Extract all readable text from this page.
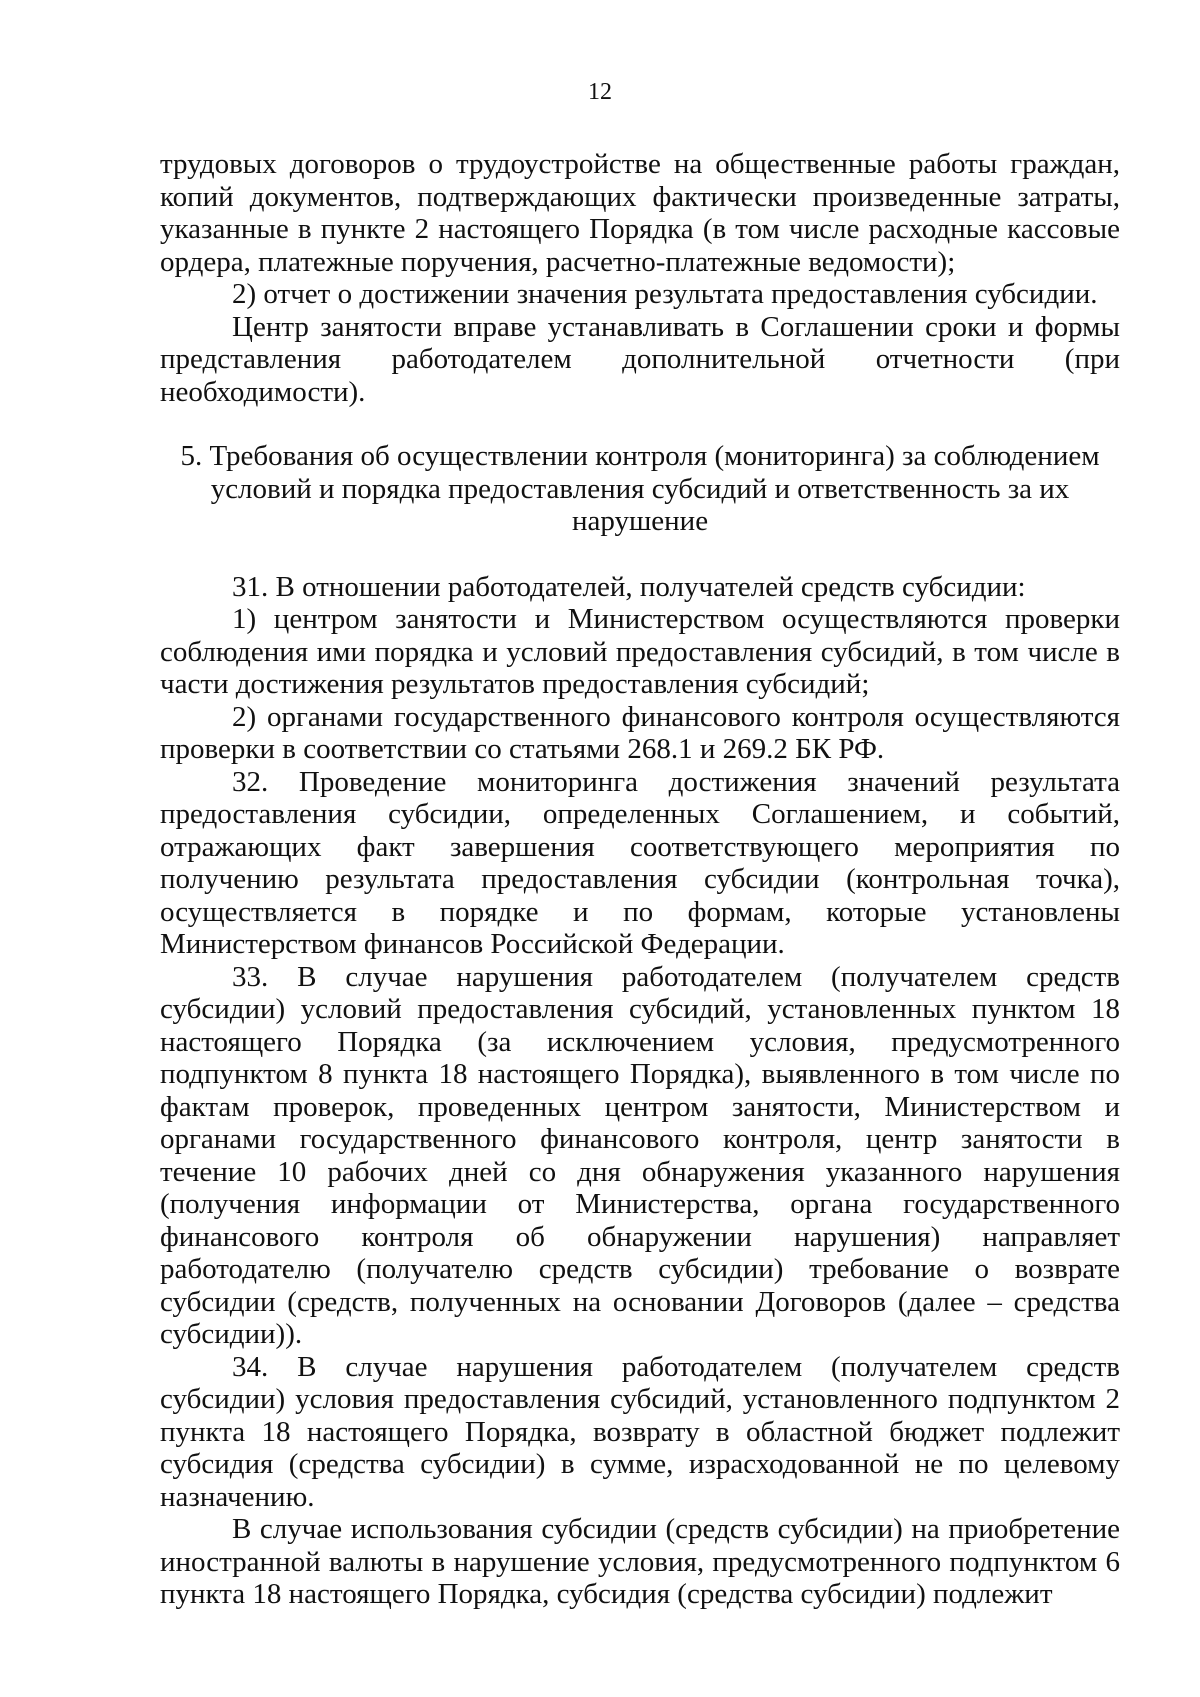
12

трудовых договоров о трудоустройстве на общественные работы граждан, копий документов, подтверждающих фактически произведенные затраты, указанные в пункте 2 настоящего Порядка (в том числе расходные кассовые ордера, платежные поручения, расчетно-платежные ведомости);

2) отчет о достижении значения результата предоставления субсидии.

Центр занятости вправе устанавливать в Соглашении сроки и формы представления работодателем дополнительной отчетности (при необходимости).

5. Требования об осуществлении контроля (мониторинга) за соблюдением условий и порядка предоставления субсидий и ответственность за их нарушение

31. В отношении работодателей, получателей средств субсидии:

1) центром занятости и Министерством осуществляются проверки соблюдения ими порядка и условий предоставления субсидий, в том числе в части достижения результатов предоставления субсидий;

2) органами государственного финансового контроля осуществляются проверки в соответствии со статьями 268.1 и 269.2 БК РФ.

32. Проведение мониторинга достижения значений результата предоставления субсидии, определенных Соглашением, и событий, отражающих факт завершения соответствующего мероприятия по получению результата предоставления субсидии (контрольная точка), осуществляется в порядке и по формам, которые установлены Министерством финансов Российской Федерации.

33. В случае нарушения работодателем (получателем средств субсидии) условий предоставления субсидий, установленных пунктом 18 настоящего Порядка (за исключением условия, предусмотренного подпунктом 8 пункта 18 настоящего Порядка), выявленного в том числе по фактам проверок, проведенных центром занятости, Министерством и органами государственного финансового контроля, центр занятости в течение 10 рабочих дней со дня обнаружения указанного нарушения (получения информации от Министерства, органа государственного финансового контроля об обнаружении нарушения) направляет работодателю (получателю средств субсидии) требование о возврате субсидии (средств, полученных на основании Договоров (далее – средства субсидии)).

34. В случае нарушения работодателем (получателем средств субсидии) условия предоставления субсидий, установленного подпунктом 2 пункта 18 настоящего Порядка, возврату в областной бюджет подлежит субсидия (средства субсидии) в сумме, израсходованной не по целевому назначению.

В случае использования субсидии (средств субсидии) на приобретение иностранной валюты в нарушение условия, предусмотренного подпунктом 6 пункта 18 настоящего Порядка, субсидия (средства субсидии) подлежит
